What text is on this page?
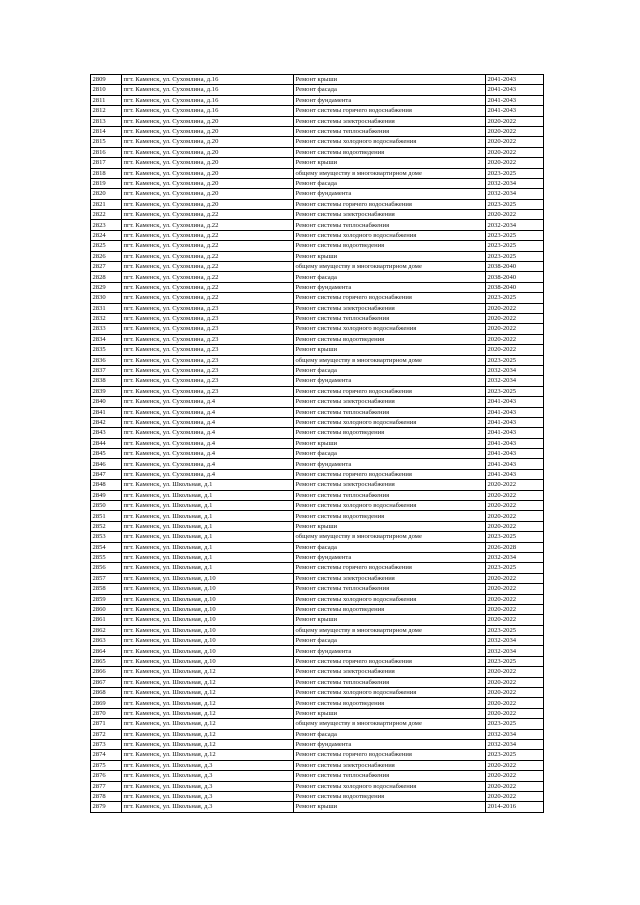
2809	пгт. Каменск, ул. Сухомлина, д.16	Ремонт крыши	2041-2043
2810	пгт. Каменск, ул. Сухомлина, д.16	Ремонт фасада	2041-2043
2811	пгт. Каменск, ул. Сухомлина, д.16	Ремонт фундамента	2041-2043
2812	пгт. Каменск, ул. Сухомлина, д.16	Ремонт системы горячего водоснабжения	2041-2043
2813	пгт. Каменск, ул. Сухомлина, д.20	Ремонт системы электроснабжения	2020-2022
2814	пгт. Каменск, ул. Сухомлина, д.20	Ремонт системы теплоснабжения	2020-2022
2815	пгт. Каменск, ул. Сухомлина, д.20	Ремонт системы холодного водоснабжения	2020-2022
2816	пгт. Каменск, ул. Сухомлина, д.20	Ремонт системы водоотведения	2020-2022
2817	пгт. Каменск, ул. Сухомлина, д.20	Ремонт крыши	2020-2022
2818	пгт. Каменск, ул. Сухомлина, д.20	общему имуществу в многоквартирном доме	2023-2025
2819	пгт. Каменск, ул. Сухомлина, д.20	Ремонт фасада	2032-2034
2820	пгт. Каменск, ул. Сухомлина, д.20	Ремонт фундамента	2032-2034
2821	пгт. Каменск, ул. Сухомлина, д.20	Ремонт системы горячего водоснабжения	2023-2025
2822	пгт. Каменск, ул. Сухомлина, д.22	Ремонт системы электроснабжения	2020-2022
2823	пгт. Каменск, ул. Сухомлина, д.22	Ремонт системы теплоснабжения	2032-2034
2824	пгт. Каменск, ул. Сухомлина, д.22	Ремонт системы холодного водоснабжения	2023-2025
2825	пгт. Каменск, ул. Сухомлина, д.22	Ремонт системы водоотведения	2023-2025
2826	пгт. Каменск, ул. Сухомлина, д.22	Ремонт крыши	2023-2025
2827	пгт. Каменск, ул. Сухомлина, д.22	общему имуществу в многоквартирном доме	2038-2040
2828	пгт. Каменск, ул. Сухомлина, д.22	Ремонт фасада	2038-2040
2829	пгт. Каменск, ул. Сухомлина, д.22	Ремонт фундамента	2038-2040
2830	пгт. Каменск, ул. Сухомлина, д.22	Ремонт системы горячего водоснабжения	2023-2025
2831	пгт. Каменск, ул. Сухомлина, д.23	Ремонт системы электроснабжения	2020-2022
2832	пгт. Каменск, ул. Сухомлина, д.23	Ремонт системы теплоснабжения	2020-2022
2833	пгт. Каменск, ул. Сухомлина, д.23	Ремонт системы холодного водоснабжения	2020-2022
2834	пгт. Каменск, ул. Сухомлина, д.23	Ремонт системы водоотведения	2020-2022
2835	пгт. Каменск, ул. Сухомлина, д.23	Ремонт крыши	2020-2022
2836	пгт. Каменск, ул. Сухомлина, д.23	общему имуществу в многоквартирном доме	2023-2025
2837	пгт. Каменск, ул. Сухомлина, д.23	Ремонт фасада	2032-2034
2838	пгт. Каменск, ул. Сухомлина, д.23	Ремонт фундамента	2032-2034
2839	пгт. Каменск, ул. Сухомлина, д.23	Ремонт системы горячего водоснабжения	2023-2025
2840	пгт. Каменск, ул. Сухомлина, д.4	Ремонт системы электроснабжения	2041-2043
2841	пгт. Каменск, ул. Сухомлина, д.4	Ремонт системы теплоснабжения	2041-2043
2842	пгт. Каменск, ул. Сухомлина, д.4	Ремонт системы холодного водоснабжения	2041-2043
2843	пгт. Каменск, ул. Сухомлина, д.4	Ремонт системы водоотведения	2041-2043
2844	пгт. Каменск, ул. Сухомлина, д.4	Ремонт крыши	2041-2043
2845	пгт. Каменск, ул. Сухомлина, д.4	Ремонт фасада	2041-2043
2846	пгт. Каменск, ул. Сухомлина, д.4	Ремонт фундамента	2041-2043
2847	пгт. Каменск, ул. Сухомлина, д.4	Ремонт системы горячего водоснабжения	2041-2043
2848	пгт. Каменск, ул. Школьная, д.1	Ремонт системы электроснабжения	2020-2022
2849	пгт. Каменск, ул. Школьная, д.1	Ремонт системы теплоснабжения	2020-2022
2850	пгт. Каменск, ул. Школьная, д.1	Ремонт системы холодного водоснабжения	2020-2022
2851	пгт. Каменск, ул. Школьная, д.1	Ремонт системы водоотведения	2020-2022
2852	пгт. Каменск, ул. Школьная, д.1	Ремонт крыши	2020-2022
2853	пгт. Каменск, ул. Школьная, д.1	общему имуществу в многоквартирном доме	2023-2025
2854	пгт. Каменск, ул. Школьная, д.1	Ремонт фасада	2026-2028
2855	пгт. Каменск, ул. Школьная, д.1	Ремонт фундамента	2032-2034
2856	пгт. Каменск, ул. Школьная, д.1	Ремонт системы горячего водоснабжения	2023-2025
2857	пгт. Каменск, ул. Школьная, д.10	Ремонт системы электроснабжения	2020-2022
2858	пгт. Каменск, ул. Школьная, д.10	Ремонт системы теплоснабжения	2020-2022
2859	пгт. Каменск, ул. Школьная, д.10	Ремонт системы холодного водоснабжения	2020-2022
2860	пгт. Каменск, ул. Школьная, д.10	Ремонт системы водоотведения	2020-2022
2861	пгт. Каменск, ул. Школьная, д.10	Ремонт крыши	2020-2022
2862	пгт. Каменск, ул. Школьная, д.10	общему имуществу в многоквартирном доме	2023-2025
2863	пгт. Каменск, ул. Школьная, д.10	Ремонт фасада	2032-2034
2864	пгт. Каменск, ул. Школьная, д.10	Ремонт фундамента	2032-2034
2865	пгт. Каменск, ул. Школьная, д.10	Ремонт системы горячего водоснабжения	2023-2025
2866	пгт. Каменск, ул. Школьная, д.12	Ремонт системы электроснабжения	2020-2022
2867	пгт. Каменск, ул. Школьная, д.12	Ремонт системы теплоснабжения	2020-2022
2868	пгт. Каменск, ул. Школьная, д.12	Ремонт системы холодного водоснабжения	2020-2022
2869	пгт. Каменск, ул. Школьная, д.12	Ремонт системы водоотведения	2020-2022
2870	пгт. Каменск, ул. Школьная, д.12	Ремонт крыши	2020-2022
2871	пгт. Каменск, ул. Школьная, д.12	общему имуществу в многоквартирном доме	2023-2025
2872	пгт. Каменск, ул. Школьная, д.12	Ремонт фасада	2032-2034
2873	пгт. Каменск, ул. Школьная, д.12	Ремонт фундамента	2032-2034
2874	пгт. Каменск, ул. Школьная, д.12	Ремонт системы горячего водоснабжения	2023-2025
2875	пгт. Каменск, ул. Школьная, д.3	Ремонт системы электроснабжения	2020-2022
2876	пгт. Каменск, ул. Школьная, д.3	Ремонт системы теплоснабжения	2020-2022
2877	пгт. Каменск, ул. Школьная, д.3	Ремонт системы холодного водоснабжения	2020-2022
2878	пгт. Каменск, ул. Школьная, д.3	Ремонт системы водоотведения	2020-2022
2879	пгт. Каменск, ул. Школьная, д.3	Ремонт крыши	2014-2016
